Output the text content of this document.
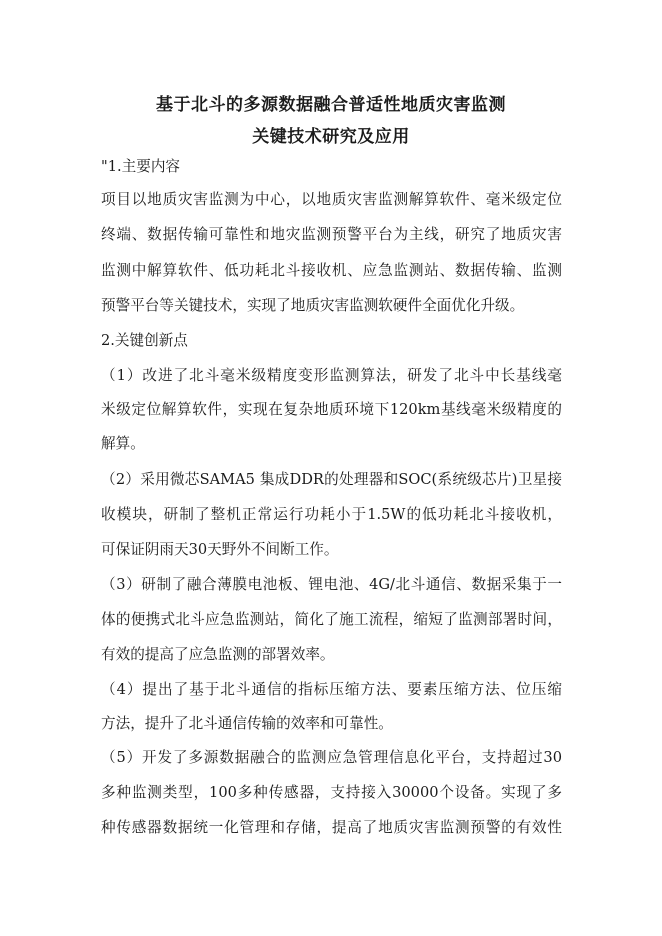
基于北斗的多源数据融合普适性地质灾害监测
关键技术研究及应用
"1.主要内容
项目以地质灾害监测为中心，以地质灾害监测解算软件、毫米级定位
终端、数据传输可靠性和地灾监测预警平台为主线，研究了地质灾害
监测中解算软件、低功耗北斗接收机、应急监测站、数据传输、监测
预警平台等关键技术，实现了地质灾害监测软硬件全面优化升级。
2.关键创新点
（1）改进了北斗毫米级精度变形监测算法，研发了北斗中长基线毫
米级定位解算软件，实现在复杂地质环境下120km基线毫米级精度的
解算。
（2）采用微芯SAMA5 集成DDR的处理器和SOC(系统级芯片)卫星接
收模块，研制了整机正常运行功耗小于1.5W的低功耗北斗接收机，
可保证阴雨天30天野外不间断工作。
（3）研制了融合薄膜电池板、锂电池、4G/北斗通信、数据采集于一
体的便携式北斗应急监测站，简化了施工流程，缩短了监测部署时间，
有效的提高了应急监测的部署效率。
（4）提出了基于北斗通信的指标压缩方法、要素压缩方法、位压缩
方法，提升了北斗通信传输的效率和可靠性。
（5）开发了多源数据融合的监测应急管理信息化平台，支持超过30
多种监测类型，100多种传感器，支持接入30000个设备。实现了多
种传感器数据统一化管理和存储，提高了地质灾害监测预警的有效性
